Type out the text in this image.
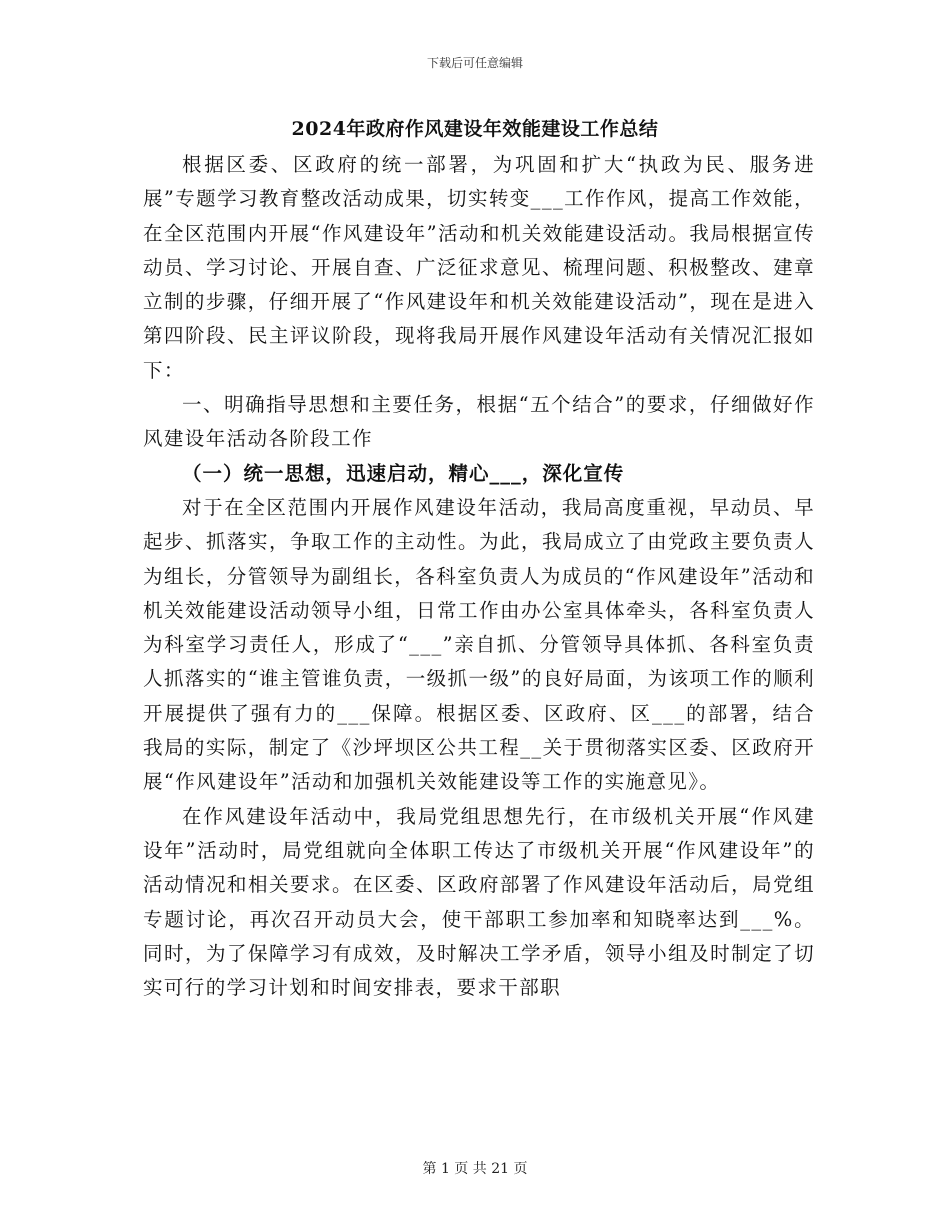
下载后可任意编辑
2024年政府作风建设年效能建设工作总结

根据区委、区政府的统一部署，为巩固和扩大“执政为民、服务进展”专题学习教育整改活动成果，切实转变___工作作风，提高工作效能，在全区范围内开展“作风建设年”活动和机关效能建设活动。我局根据宣传动员、学习讨论、开展自查、广泛征求意见、梳理问题、积极整改、建章立制的步骤，仔细开展了“作风建设年和机关效能建设活动”，现在是进入第四阶段、民主评议阶段，现将我局开展作风建设年活动有关情况汇报如下：

一、明确指导思想和主要任务，根据“五个结合”的要求，仔细做好作风建设年活动各阶段工作

（一）统一思想，迅速启动，精心___，深化宣传

对于在全区范围内开展作风建设年活动，我局高度重视，早动员、早起步、抓落实，争取工作的主动性。为此，我局成立了由党政主要负责人为组长，分管领导为副组长，各科室负责人为成员的“作风建设年”活动和机关效能建设活动领导小组，日常工作由办公室具体牵头，各科室负责人为科室学习责任人，形成了“___”亲自抓、分管领导具体抓、各科室负责人抓落实的“谁主管谁负责，一级抓一级”的良好局面，为该项工作的顺利开展提供了强有力的___保障。根据区委、区政府、区___的部署，结合我局的实际，制定了《沙坪坝区公共工程__关于贯彻落实区委、区政府开展“作风建设年”活动和加强机关效能建设等工作的实施意见》。

在作风建设年活动中，我局党组思想先行，在市级机关开展“作风建设年”活动时，局党组就向全体职工传达了市级机关开展“作风建设年”的活动情况和相关要求。在区委、区政府部署了作风建设年活动后，局党组专题讨论，再次召开动员大会，使干部职工参加率和知晓率达到___%。同时，为了保障学习有成效，及时解决工学矛盾，领导小组及时制定了切实可行的学习计划和时间安排表，要求干部职

第 1 页 共 21 页
